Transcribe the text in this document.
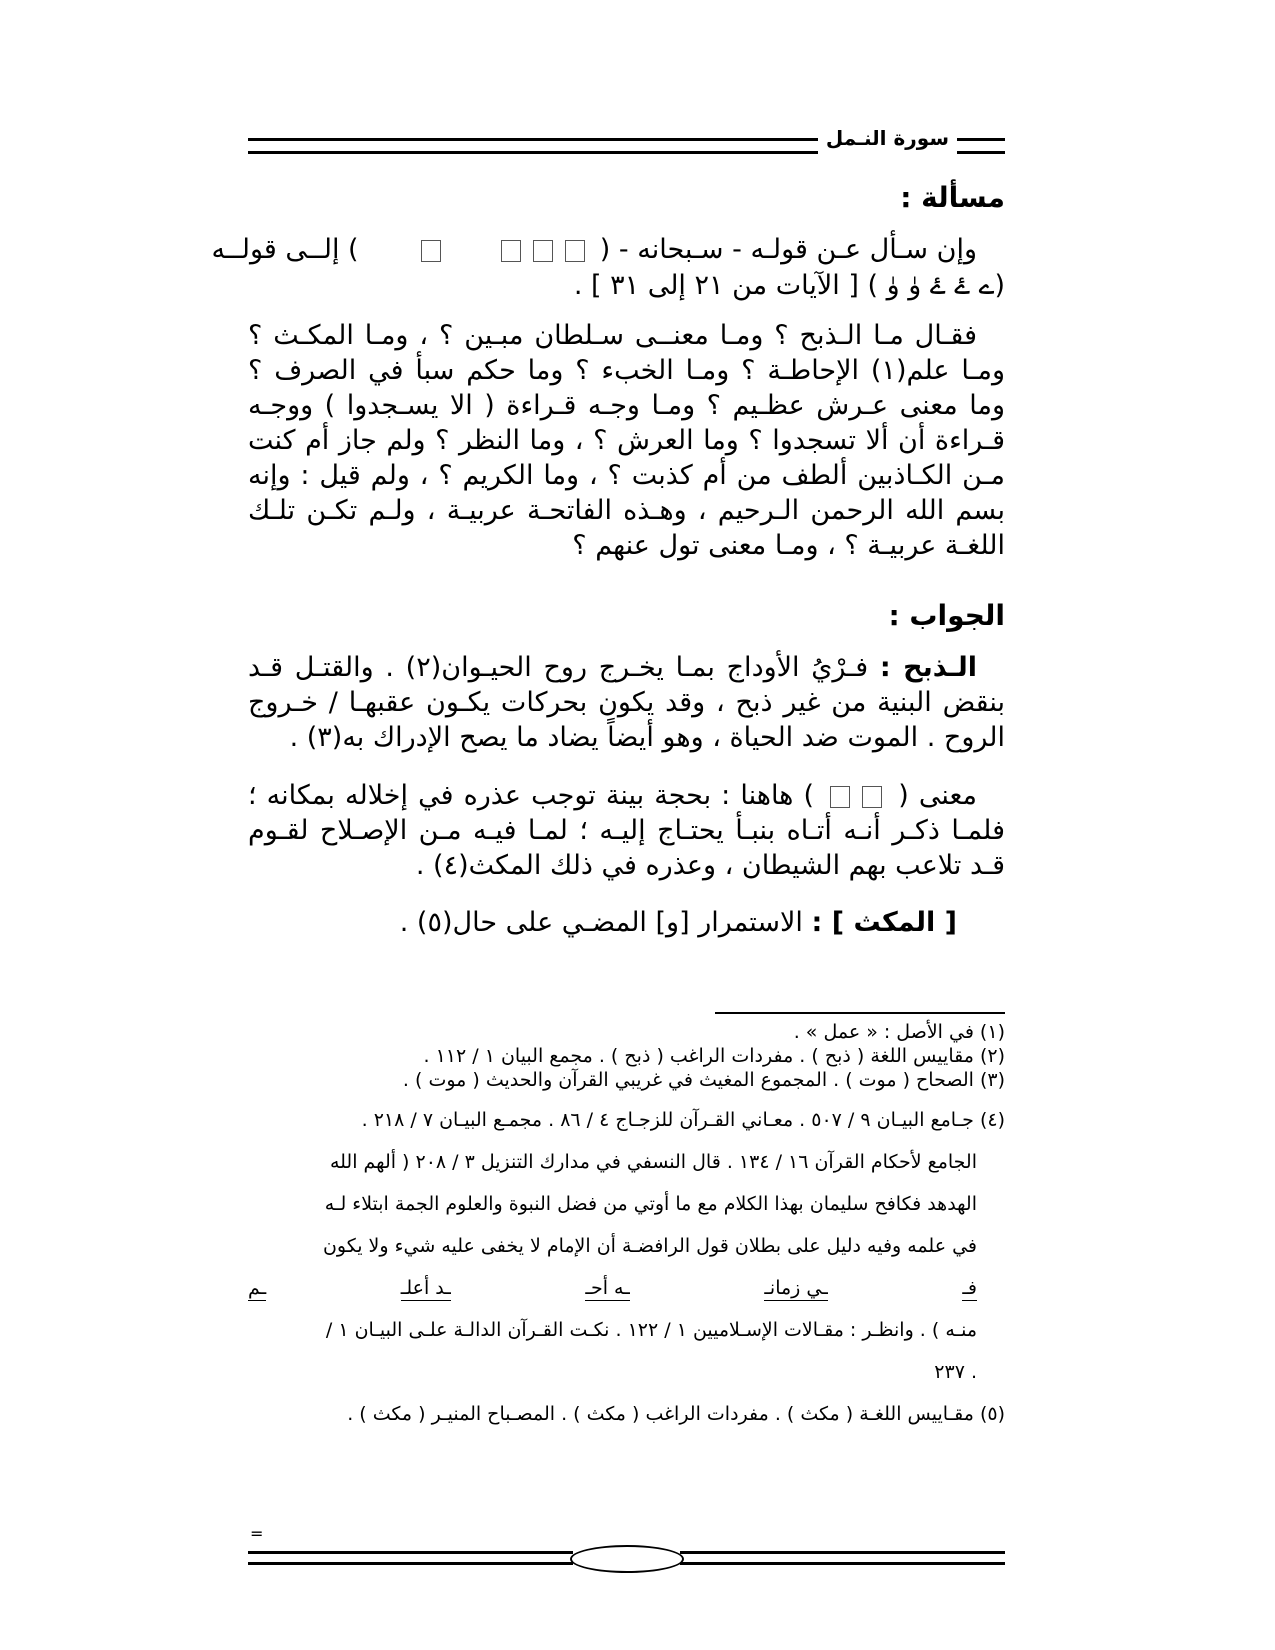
سورة النـمل
مسألة :
وإن سـأل عـن قولـه - سـبحانه - (  ) إلــى قولــه
(ے ۓ ۓ ۈ ۈ ) [ الآيات من ٢١ إلى ٣١ ] .
فقـال مـا الـذبح ؟ ومـا معنــى سـلطان مبـين ؟ ، ومـا المكـث ؟ ومـا علم(١) الإحاطـة ؟ ومـا الخبء ؟ وما حكم سبأ في الصرف ؟ وما معنى عـرش عظـيم ؟ ومـا وجـه قـراءة ( الا يسـجدوا ) ووجـه قـراءة أن ألا تسجدوا ؟ وما العرش ؟ ، وما النظر ؟ ولم جاز أم كنت مـن الكـاذبين ألطف من أم كذبت ؟ ، وما الكريم ؟ ، ولم قيل : وإنه بسم الله الرحمن الـرحيم ، وهـذه الفاتحـة عربيـة ، ولـم تكـن تلـك اللغـة عربيـة ؟ ، ومـا معنى تول عنهم ؟
الجواب :
الـذبح : فـرْيُ الأوداج بمـا يخـرج روح الحيـوان(٢) . والقتـل قـد بنقض البنية من غير ذبح ، وقد يكون بحركات يكـون عقبهـا / خـروج الروح . الموت ضد الحياة ، وهو أيضاً يضاد ما يصح الإدراك به(٣) .
معنى (  ) هاهنا : بحجة بينة توجب عذره في إخلاله بمكانه ؛ فلمـا ذكـر أنـه أتـاه بنبـأ يحتـاج إليـه ؛ لمـا فيـه مـن الإصـلاح لقـوم قـد تلاعب بهم الشيطان ، وعذره في ذلك المكث(٤) .
[ المكث ] : الاستمرار [و] المضـي على حال(٥) .
(١) في الأصل : « عمل » .
(٢) مقاييس اللغة ( ذبح ) . مفردات الراغب ( ذبح ) . مجمع البيان ١ / ١١٢ .
(٣) الصحاح ( موت ) . المجموع المغيث في غريبي القرآن والحديث ( موت ) .
(٤) جـامع البيـان ٩ / ٥٠٧ . معـاني القـرآن للزجـاج ٤ / ٨٦ . مجمـع البيـان ٧ / ٢١٨ .
الجامع لأحكام القرآن ١٦ / ١٣٤ . قال النسفي في مدارك التنزيل ٣ / ٢٠٨ ( ألهم الله
الهدهد فكافح سليمان بهذا الكلام مع ما أوتي من فضل النبوة والعلوم الجمة ابتلاء لـه
في علمه وفيه دليل على بطلان قول الرافضـة أن الإمام لا يخفى عليه شيء ولا يكون
فـ
ـي زمانـ
ـه أحـ
ـد أعلـ
ـم
منـه ) . وانظـر : مقـالات الإسـلاميين ١ / ١٢٢ . نكـت القـرآن الدالـة علـى البيـان ١ /
. ٢٣٧
(٥) مقـاييس اللغـة ( مكث ) . مفردات الراغب ( مكث ) . المصـباح المنيـر ( مكث ) .
=
